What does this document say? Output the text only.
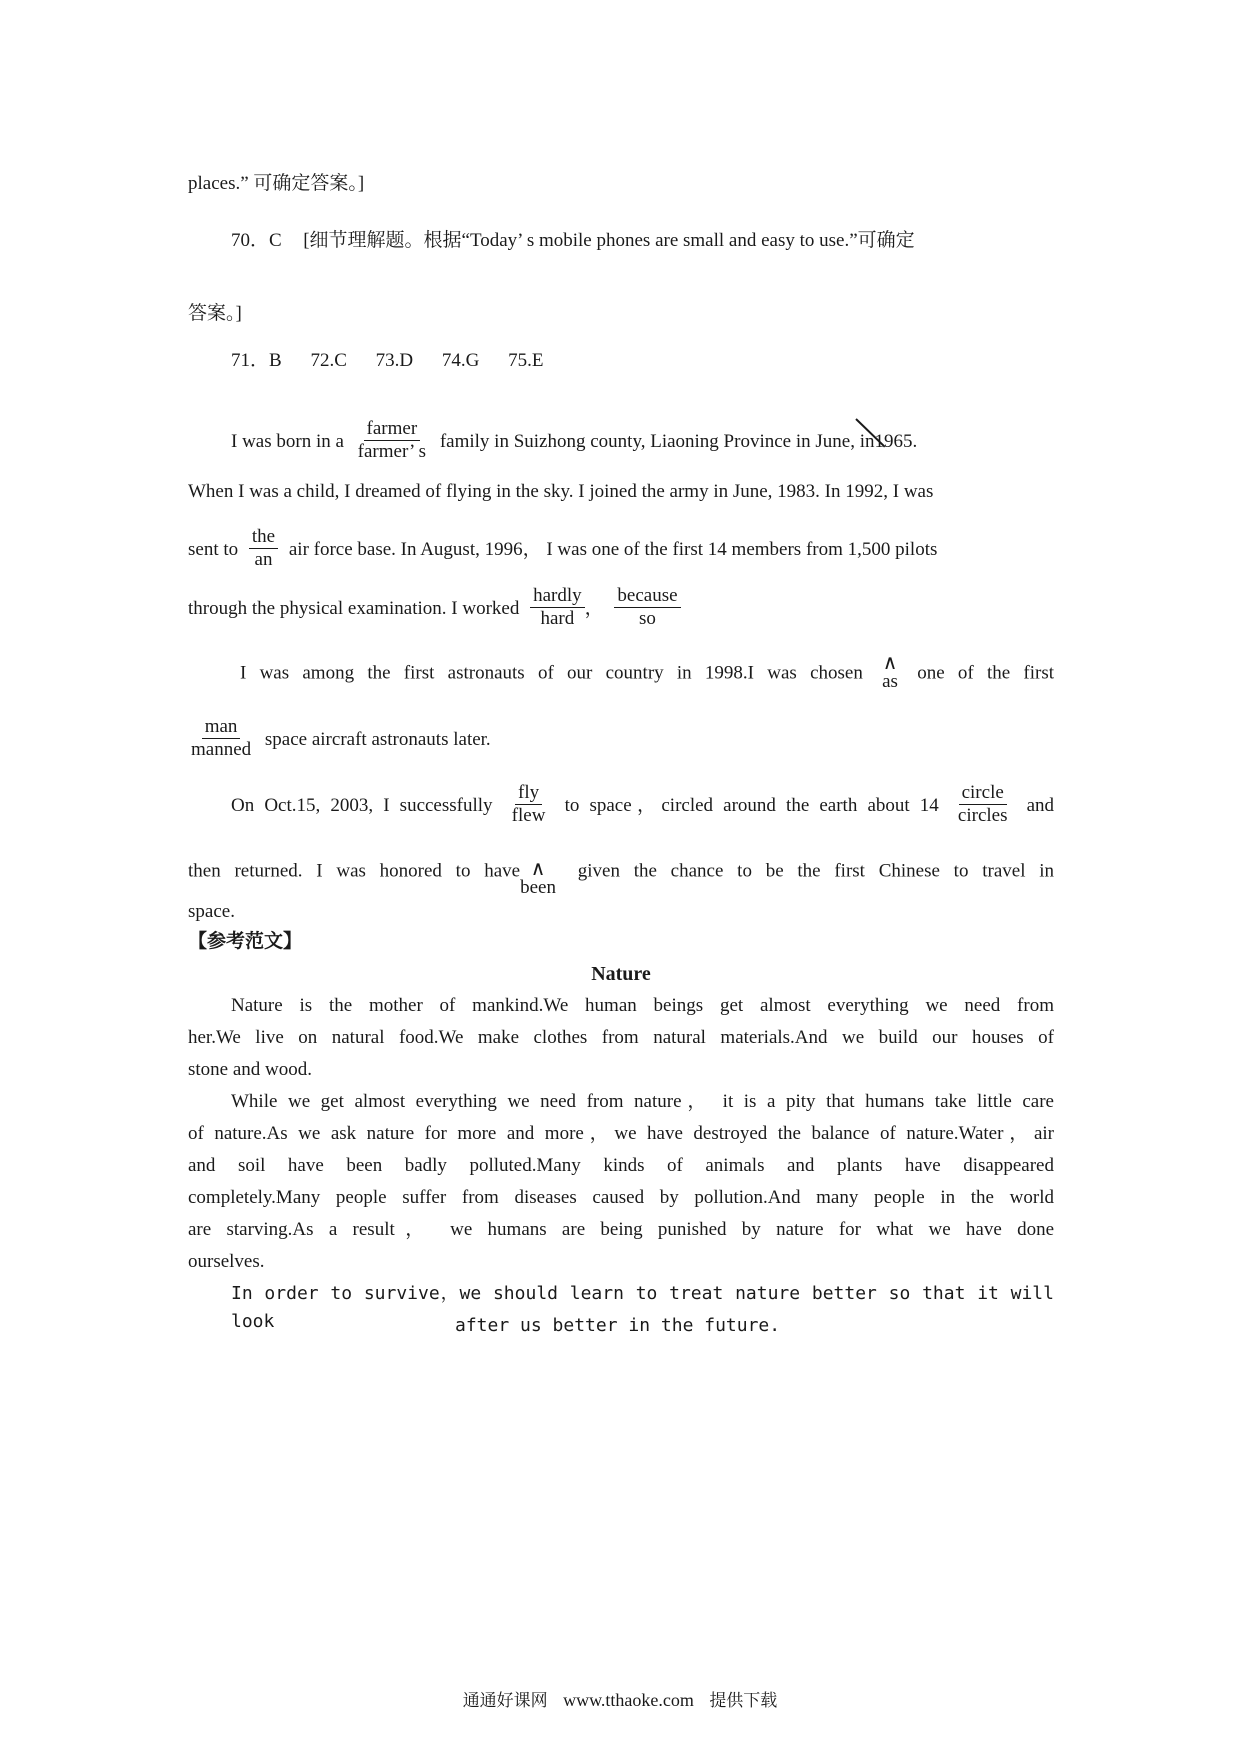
places.” 可确定答案。]
70．C [细节理解题。根据“Today’ s mobile phones are small and easy to use.”可确定
答案。]
71．B 72.C 73.D 74.G 75.E
I was born in a $\frac{\text{farmer}}{\text{farmer’ s}}$ family in Suizhong county, Liaoning Province in June, in1965.
When I was a child, I dreamed of flying in the sky. I joined the army in June, 1983. In 1992, I was
sent to $\frac{\text{the}}{an}$ air force base. In August, 1996， I was one of the first 14 members from 1,500 pilots
through the physical examination. I worked $\frac{\text{hardly}}{\text{hard}}$ ， $\frac{\text{because}}{so}$
I was among the first astronauts of our country in 1998.I was chosen ∧
as one of the first
$\frac{\text{man}}{\text{manned}}$ space aircraft astronauts later.
On Oct.15, 2003, I successfully $\frac{\text{fly}}{\text{flew}}$ to space，circled around the earth about $14 \frac{\text{circle}}{\text{circles}}$ and
then returned. I was honored to have ∧
been
given the chance to be the first Chinese to travel in
space.
【参考范文】
Nature
Nature is the mother of mankind.We human beings get almost everything we need from
her.We live on natural food.We make clothes from natural materials.And we build our houses of
stone and wood.
While we get almost everything we need from nature， it is a pity that humans take little care
of nature.As we ask nature for more and more，we have destroyed the balance of nature.Water，air
and soil have been badly polluted.Many kinds of animals and plants have disappeared
completely.Many people suffer from diseases caused by pollution.And many people in the world
are starving.As a result， we humans are being punished by nature for what we have done
ourselves.
In order to survive，we should learn to treat nature better so that it will look	after us better in the future.
通通好课网 www.tthaoke.com 提供下载
